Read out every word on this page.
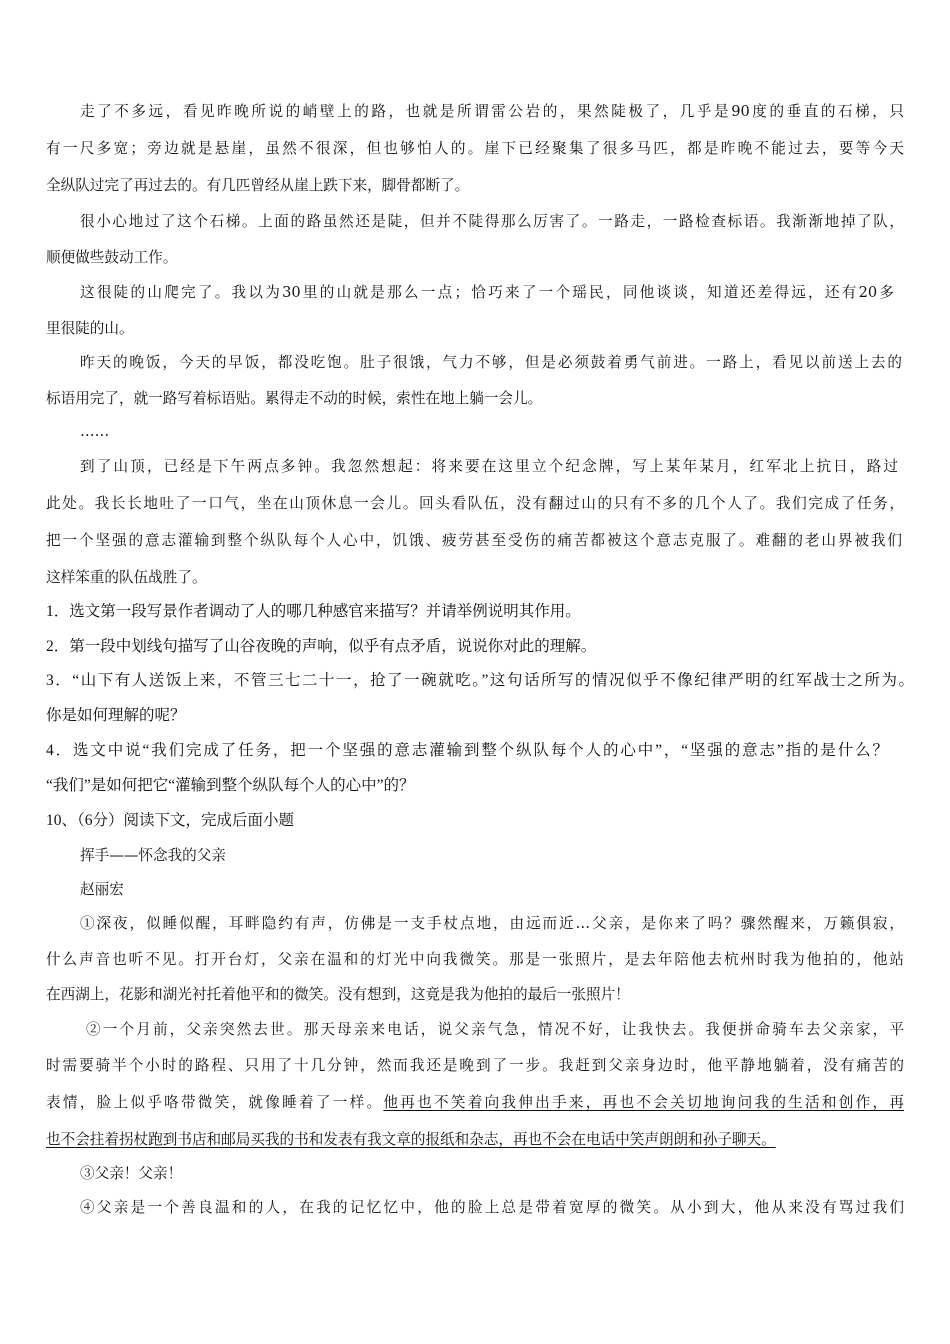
走了不多远，看见昨晚所说的峭壁上的路，也就是所谓雷公岩的，果然陡极了，几乎是90度的垂直的石梯，只
有一尺多宽；旁边就是悬崖，虽然不很深，但也够怕人的。崖下已经聚集了很多马匹，都是昨晚不能过去，要等今天
全纵队过完了再过去的。有几匹曾经从崖上跌下来，脚骨都断了。
很小心地过了这个石梯。上面的路虽然还是陡，但并不陡得那么厉害了。一路走，一路检查标语。我渐渐地掉了队，
顺便做些鼓动工作。
这很陡的山爬完了。我以为30里的山就是那么一点；恰巧来了一个瑶民，同他谈谈，知道还差得远，还有20多
里很陡的山。
昨天的晚饭，今天的早饭，都没吃饱。肚子很饿，气力不够，但是必须鼓着勇气前进。一路上，看见以前送上去的
标语用完了，就一路写着标语贴。累得走不动的时候，索性在地上躺一会儿。
……
到了山顶，已经是下午两点多钟。我忽然想起：将来要在这里立个纪念牌，写上某年某月，红军北上抗日，路过
此处。我长长地吐了一口气，坐在山顶休息一会儿。回头看队伍，没有翻过山的只有不多的几个人了。我们完成了任务，
把一个坚强的意志灌输到整个纵队每个人心中，饥饿、疲劳甚至受伤的痛苦都被这个意志克服了。难翻的老山界被我们
这样笨重的队伍战胜了。
1．选文第一段写景作者调动了人的哪几种感官来描写？并请举例说明其作用。
2．第一段中划线句描写了山谷夜晚的声响，似乎有点矛盾，说说你对此的理解。
3．“山下有人送饭上来，不管三七二十一，抢了一碗就吃。”这句话所写的情况似乎不像纪律严明的红军战士之所为。
你是如何理解的呢？
4．选文中说“我们完成了任务，把一个坚强的意志灌输到整个纵队每个人的心中”，“坚强的意志”指的是什么？
“我们”是如何把它“灌输到整个纵队每个人的心中”的？
10、（6分）阅读下文，完成后面小题
挥手——怀念我的父亲
赵丽宏
①深夜，似睡似醒，耳畔隐约有声，仿佛是一支手杖点地，由远而近…父亲，是你来了吗？骤然醒来，万籁俱寂，
什么声音也听不见。打开台灯，父亲在温和的灯光中向我微笑。那是一张照片，是去年陪他去杭州时我为他拍的，他站
在西湖上，花影和湖光衬托着他平和的微笑。没有想到，这竟是我为他拍的最后一张照片！
②一个月前，父亲突然去世。那天母亲来电话，说父亲气急，情况不好，让我快去。我便拼命骑车去父亲家，平
时需要骑半个小时的路程、只用了十几分钟，然而我还是晚到了一步。我赶到父亲身边时，他平静地躺着，没有痛苦的
表情，脸上似乎咯带微笑，就像睡着了一样。他再也不笑着向我伸出手来，再也不会关切地询问我的生活和创作，再
也不会拄着拐杖跑到书店和邮局买我的书和发表有我文章的报纸和杂志，再也不会在电话中笑声朗朗和孙子聊天。
③父亲！父亲！
④父亲是一个善良温和的人，在我的记忆忆中，他的脸上总是带着宽厚的微笑。从小到大，他从来没有骂过我们
